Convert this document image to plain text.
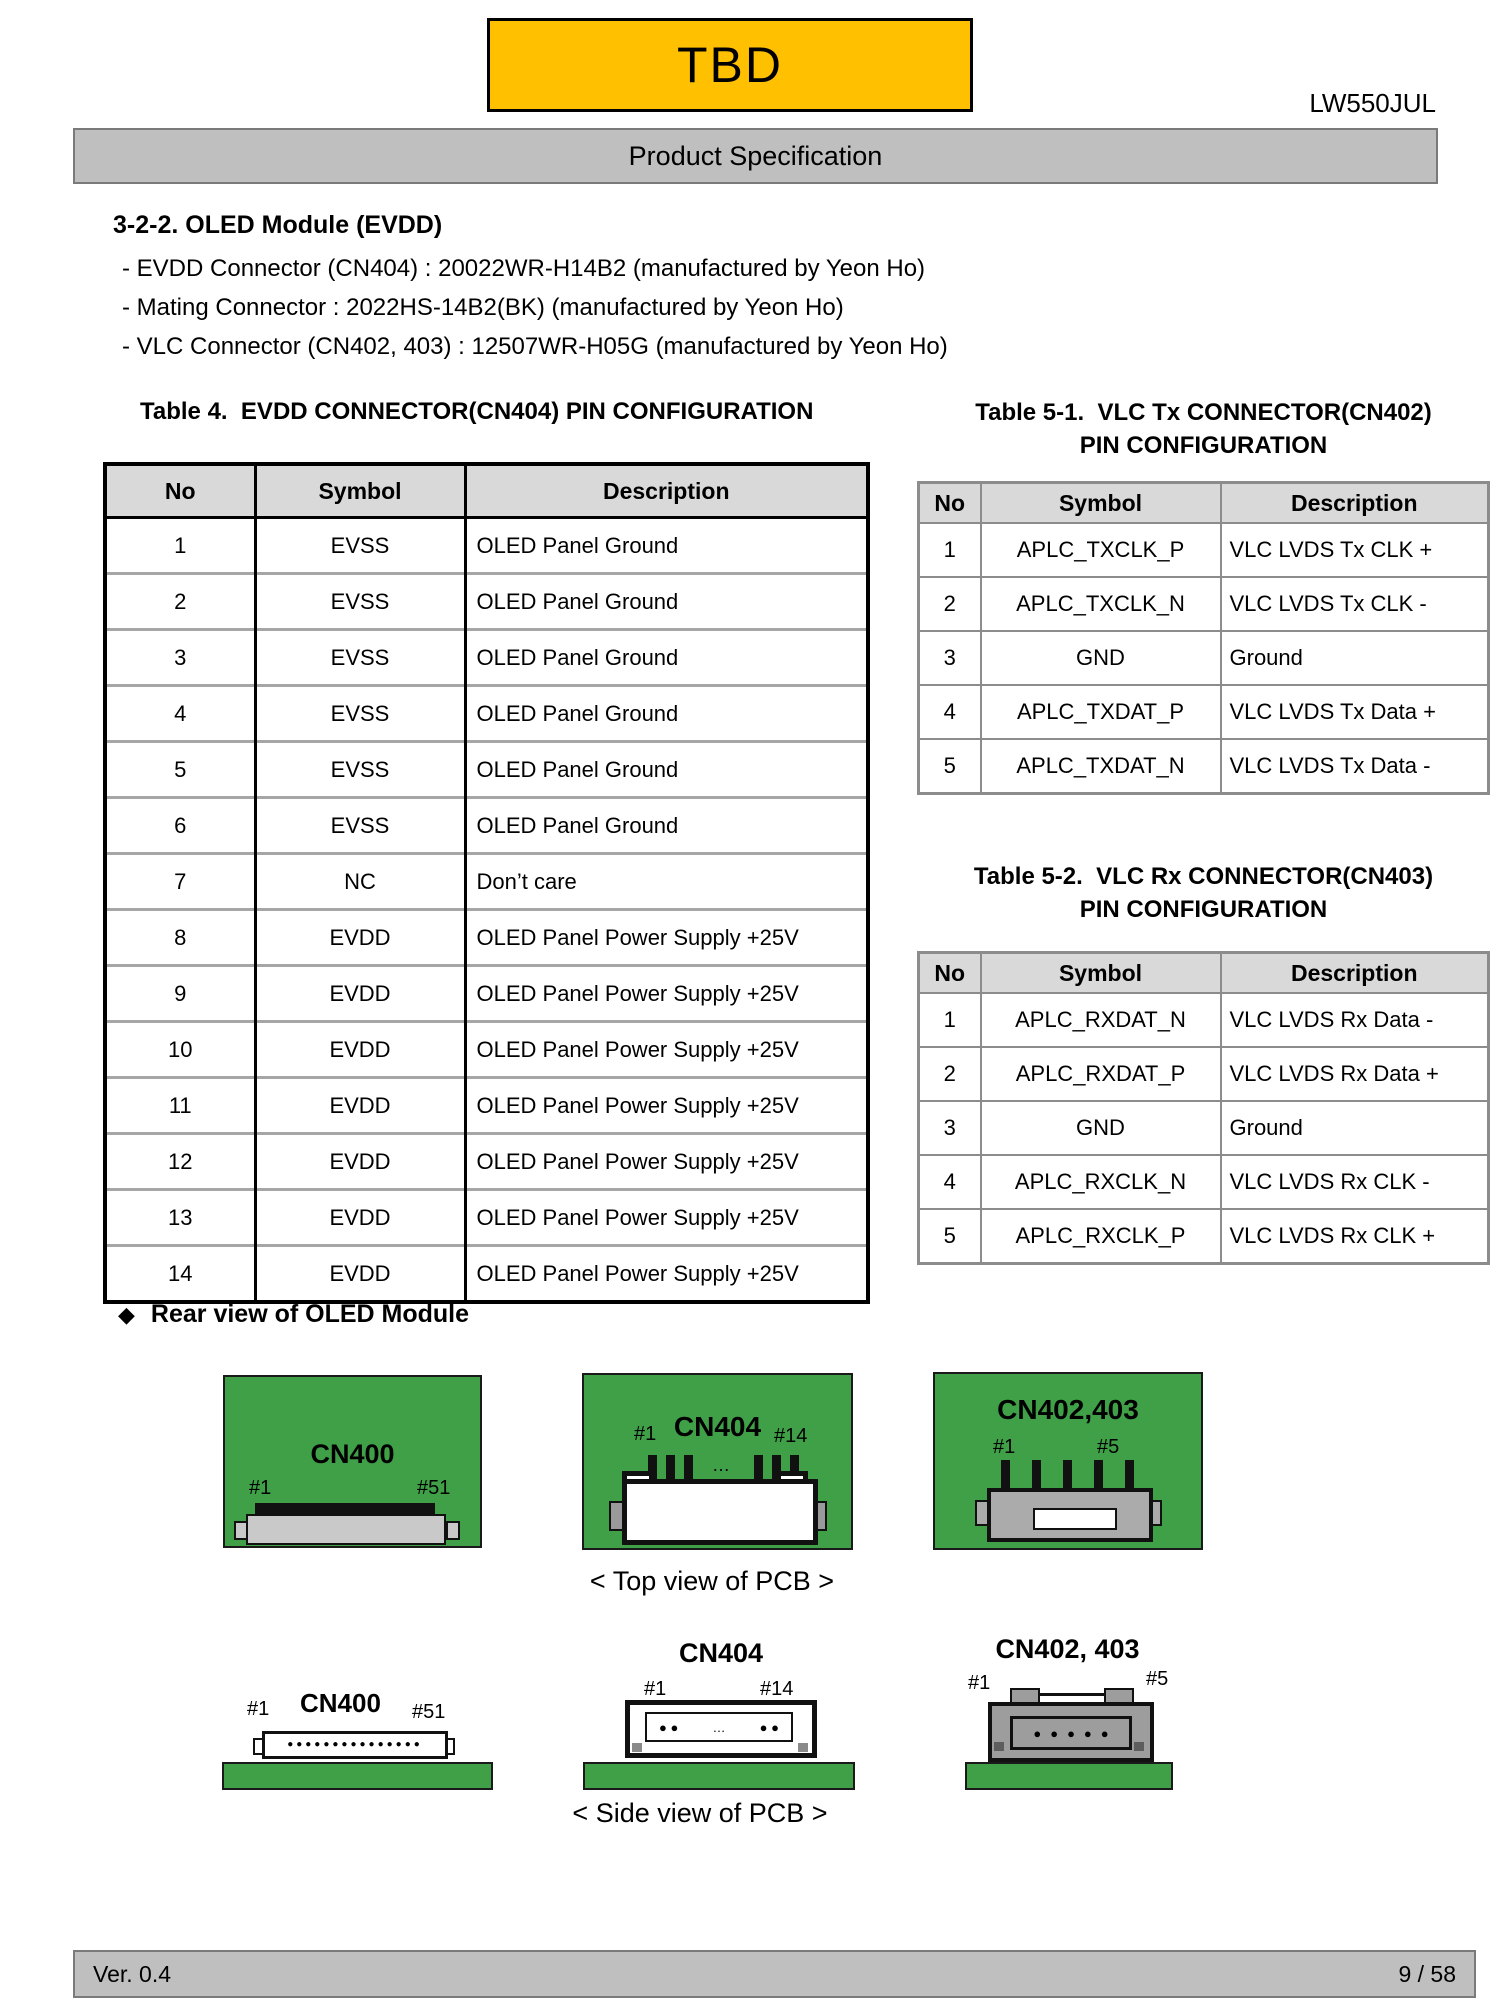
TBD
LW550JUL
Product Specification
3-2-2. OLED Module (EVDD)
- EVDD Connector (CN404) : 20022WR-H14B2 (manufactured by Yeon Ho)
- Mating Connector : 2022HS-14B2(BK) (manufactured by Yeon Ho)
- VLC Connector (CN402, 403) : 12507WR-H05G (manufactured by Yeon Ho)
Table 4.  EVDD CONNECTOR(CN404) PIN CONFIGURATION	Table 5-1.  VLC Tx CONNECTOR(CN402)
PIN CONFIGURATION
Table 5-2.  VLC Rx CONNECTOR(CN403)
PIN CONFIGURATION
No	Symbol	Description
1	EVSS	OLED Panel Ground
2	EVSS	OLED Panel Ground
3	EVSS	OLED Panel Ground
4	EVSS	OLED Panel Ground
5	EVSS	OLED Panel Ground
6	EVSS	OLED Panel Ground
7	NC	Don’t care
8	EVDD	OLED Panel Power Supply +25V
9	EVDD	OLED Panel Power Supply +25V
10	EVDD	OLED Panel Power Supply +25V
11	EVDD	OLED Panel Power Supply +25V
12	EVDD	OLED Panel Power Supply +25V
13	EVDD	OLED Panel Power Supply +25V
14	EVDD	OLED Panel Power Supply +25V
No	Symbol	Description
1	APLC_TXCLK_P	VLC LVDS Tx CLK +
2	APLC_TXCLK_N	VLC LVDS Tx CLK -
3	GND	Ground
4	APLC_TXDAT_P	VLC LVDS Tx Data +
5	APLC_TXDAT_N	VLC LVDS Tx Data -
No	Symbol	Description
1	APLC_RXDAT_N	VLC LVDS Rx Data -
2	APLC_RXDAT_P	VLC LVDS Rx Data +
3	GND	Ground
4	APLC_RXCLK_N	VLC LVDS Rx CLK -
5	APLC_RXCLK_P	VLC LVDS Rx CLK +
◆ Rear view of OLED Module
CN400
#1	#51
#1 CN404 #14
…
CN402,403
#1	#5
< Top view of PCB >
#1 CN400 #51
●●●●●●●●●●●●●●●
CN404
#1	#14
● ●	…	● ●
CN402, 403
#1	#5
● ● ● ● ●
< Side view of PCB >
Ver. 0.4	9 / 58
